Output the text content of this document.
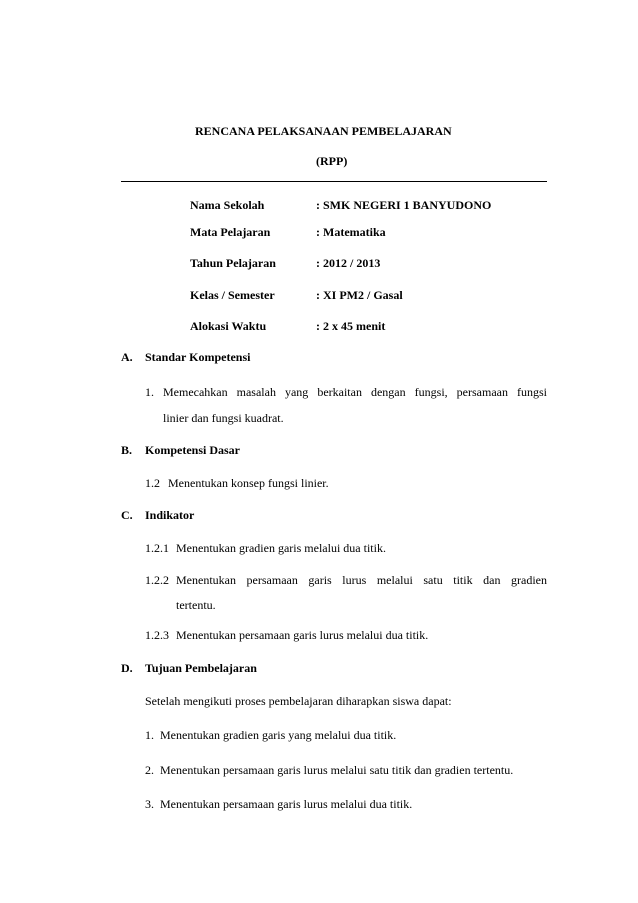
RENCANA PELAKSANAAN PEMBELAJARAN
(RPP)
Nama Sekolah	: SMK NEGERI 1 BANYUDONO
Mata Pelajaran	: Matematika
Tahun Pelajaran	: 2012 / 2013
Kelas / Semester	: XI PM2 / Gasal
Alokasi Waktu	: 2 x 45 menit
A. Standar Kompetensi
1. Memecahkan masalah yang berkaitan dengan fungsi, persamaan fungsi
linier dan fungsi kuadrat.
B. Kompetensi Dasar
1.2 Menentukan konsep fungsi linier.
C. Indikator
1.2.1 Menentukan gradien garis melalui dua titik.
1.2.2 Menentukan persamaan garis lurus melalui satu titik dan gradien
tertentu.
1.2.3 Menentukan persamaan garis lurus melalui dua titik.
D. Tujuan Pembelajaran
Setelah mengikuti proses pembelajaran diharapkan siswa dapat:
1. Menentukan gradien garis yang melalui dua titik.
2. Menentukan persamaan garis lurus melalui satu titik dan gradien tertentu.
3. Menentukan persamaan garis lurus melalui dua titik.
